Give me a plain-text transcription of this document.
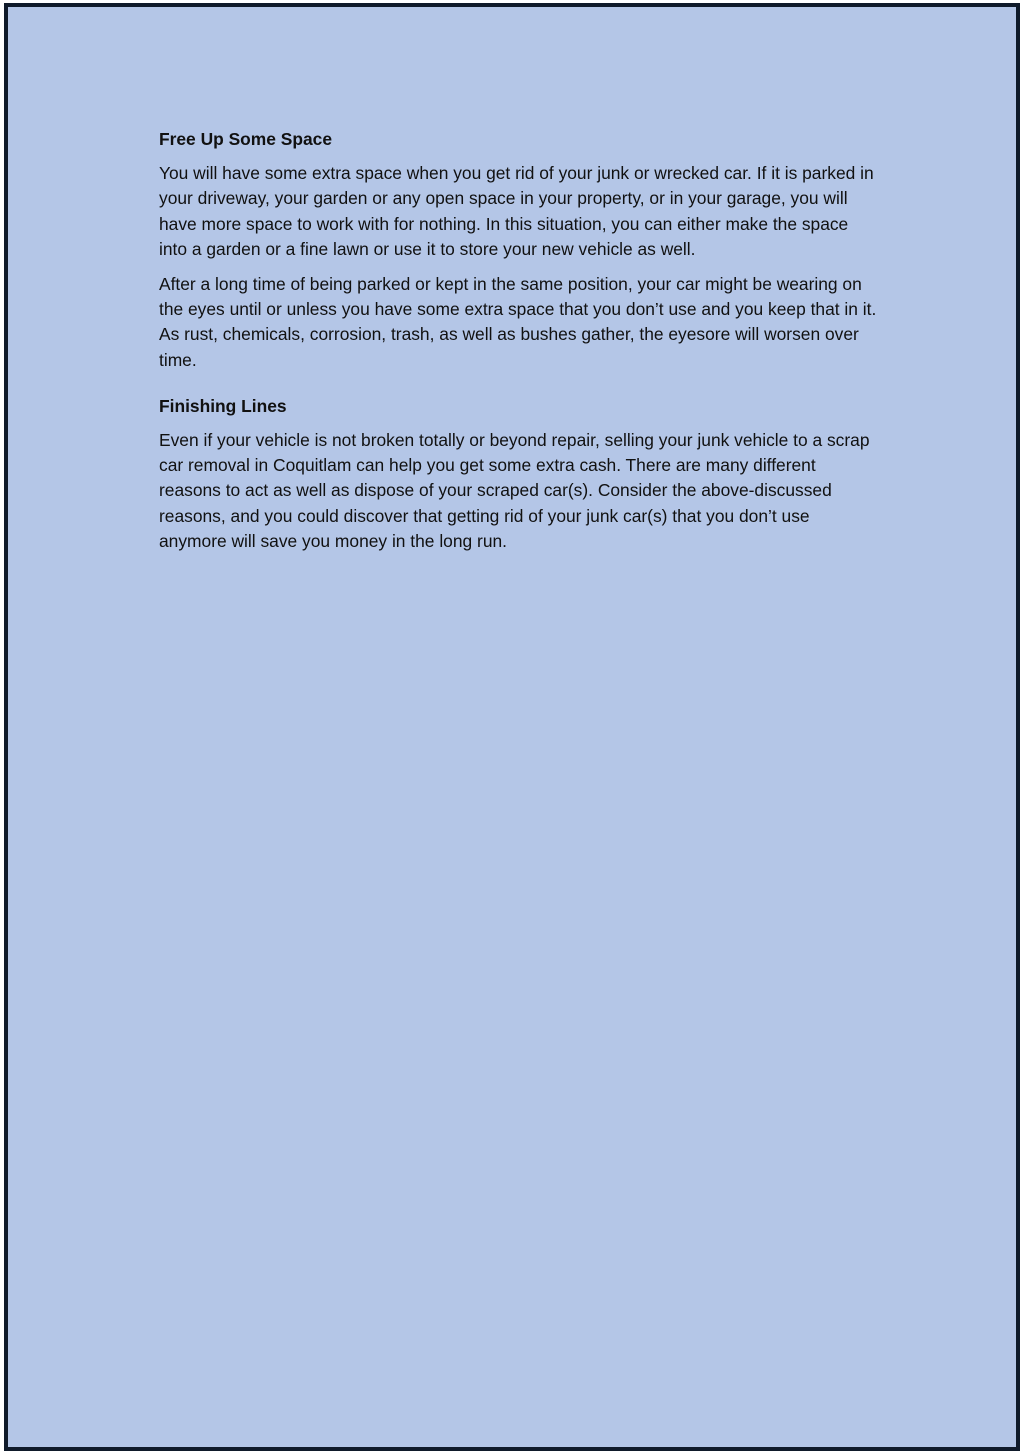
Free Up Some Space

You will have some extra space when you get rid of your junk or wrecked car. If it is parked in your driveway, your garden or any open space in your property, or in your garage, you will have more space to work with for nothing. In this situation, you can either make the space into a garden or a fine lawn or use it to store your new vehicle as well.

After a long time of being parked or kept in the same position, your car might be wearing on the eyes until or unless you have some extra space that you don’t use and you keep that in it. As rust, chemicals, corrosion, trash, as well as bushes gather, the eyesore will worsen over time.

Finishing Lines

Even if your vehicle is not broken totally or beyond repair, selling your junk vehicle to a scrap car removal in Coquitlam can help you get some extra cash. There are many different reasons to act as well as dispose of your scraped car(s). Consider the above-discussed reasons, and you could discover that getting rid of your junk car(s) that you don’t use anymore will save you money in the long run.
